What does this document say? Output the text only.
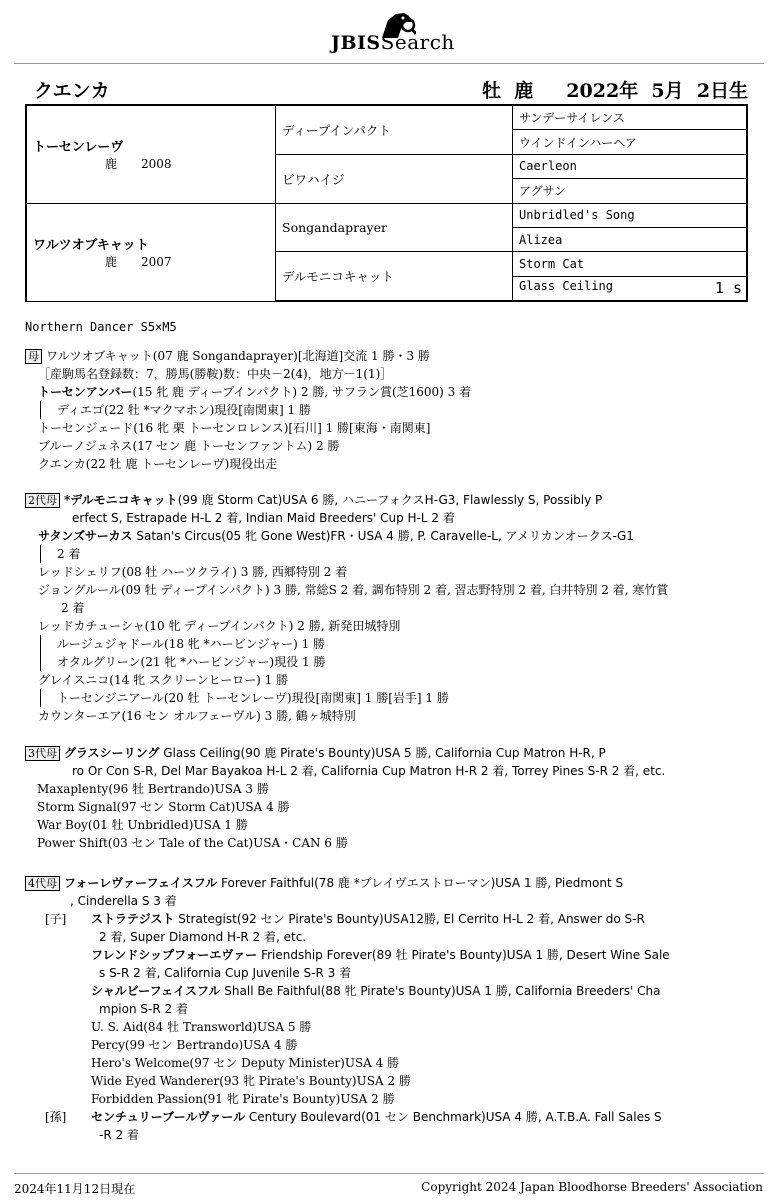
JBISSearch
クエンカ	牡  鹿     2022年  5月  2日生
トーセンレーヴ
鹿　　2008	ディープインパクト	サンデーサイレンス
		ウインドインハーヘア
	ビワハイジ	Caerleon
		アグサン
ワルツオブキャット
鹿　　2007	Songandaprayer	Unbridled's Song
		Alizea
	デルモニコキャット	Storm Cat
		Glass Ceiling 1 s
Northern Dancer S5×M5
母 ワルツオブキャット(07 鹿 Songandaprayer)[北海道]交流 1 勝・3 勝
［産駒馬名登録数：7，勝馬(勝鞍)数：中央－2(4)，地方－1(1)］
トーセンアンバー(15 牝 鹿 ディープインパクト) 2 勝, サフラン賞(芝1600) 3 着
ディエゴ(22 牡 *マクマホン)現役[南関東] 1 勝
トーセンジェード(16 牝 栗 トーセンロレンス)[石川] 1 勝[東海・南関東]
ブルーノジュネス(17 セン 鹿 トーセンファントム) 2 勝
クエンカ(22 牡 鹿 トーセンレーヴ)現役出走
2代母 *デルモニコキャット(99 鹿 Storm Cat)USA 6 勝, ハニーフォクスH-G3, Flawlessly S, Possibly P
erfect S, Estrapade H-L 2 着, Indian Maid Breeders' Cup H-L 2 着
サタンズサーカス Satan's Circus(05 牝 Gone West)FR・USA 4 勝, P. Caravelle-L, アメリカンオークス-G1
2 着
レッドシェリフ(08 牡 ハーツクライ) 3 勝, 西郷特別 2 着
ジョングルール(09 牡 ディープインパクト) 3 勝, 常総S 2 着, 調布特別 2 着, 習志野特別 2 着, 白井特別 2 着, 寒竹賞
2 着
レッドカチューシャ(10 牝 ディープインパクト) 2 勝, 新発田城特別
ルージュジャドール(18 牝 *ハービンジャー) 1 勝
オタルグリーン(21 牝 *ハービンジャー)現役 1 勝
グレイスニコ(14 牝 スクリーンヒーロー) 1 勝
トーセンジニアール(20 牡 トーセンレーヴ)現役[南関東] 1 勝[岩手] 1 勝
カウンターエア(16 セン オルフェーヴル) 3 勝, 鶴ヶ城特別
3代母 グラスシーリング Glass Ceiling(90 鹿 Pirate's Bounty)USA 5 勝, California Cup Matron H-R, P
ro Or Con S-R, Del Mar Bayakoa H-L 2 着, California Cup Matron H-R 2 着, Torrey Pines S-R 2 着, etc.
Maxaplenty(96 牡 Bertrando)USA 3 勝
Storm Signal(97 セン Storm Cat)USA 4 勝
War Boy(01 牡 Unbridled)USA 1 勝
Power Shift(03 セン Tale of the Cat)USA・CAN 6 勝
4代母 フォーレヴァーフェイスフル Forever Faithful(78 鹿 *ブレイヴエストローマン)USA 1 勝, Piedmont S
, Cinderella S 3 着
[子] ストラテジスト Strategist(92 セン Pirate's Bounty)USA12勝, El Cerrito H-L 2 着, Answer do S-R
2 着, Super Diamond H-R 2 着, etc.
フレンドシップフォーエヴァー Friendship Forever(89 牡 Pirate's Bounty)USA 1 勝, Desert Wine Sale
s S-R 2 着, California Cup Juvenile S-R 3 着
シャルビーフェイスフル Shall Be Faithful(88 牝 Pirate's Bounty)USA 1 勝, California Breeders' Cha
mpion S-R 2 着
U. S. Aid(84 牡 Transworld)USA 5 勝
Percy(99 セン Bertrando)USA 4 勝
Hero's Welcome(97 セン Deputy Minister)USA 4 勝
Wide Eyed Wanderer(93 牝 Pirate's Bounty)USA 2 勝
Forbidden Passion(91 牝 Pirate's Bounty)USA 2 勝
[孫] センチュリーブールヴァール Century Boulevard(01 セン Benchmark)USA 4 勝, A.T.B.A. Fall Sales S
-R 2 着
2024年11月12日現在	Copyright 2024 Japan Bloodhorse Breeders' Association
